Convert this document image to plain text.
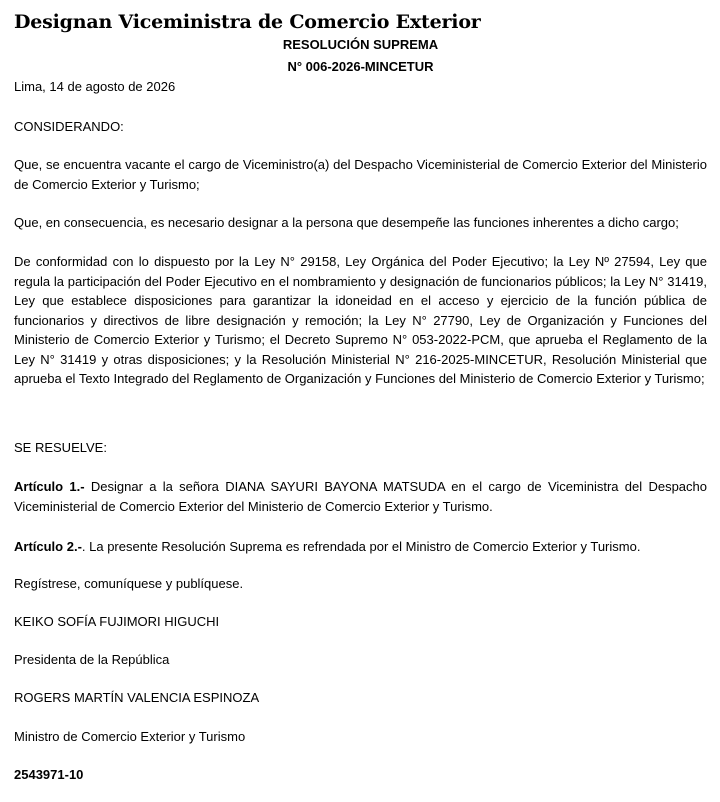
Designan Viceministra de Comercio Exterior

RESOLUCIÓN SUPREMA

N° 006-2026-MINCETUR

Lima, 14 de agosto de 2026

CONSIDERANDO:

Que, se encuentra vacante el cargo de Viceministro(a) del Despacho Viceministerial de Comercio Exterior del Ministerio de Comercio Exterior y Turismo;

Que, en consecuencia, es necesario designar a la persona que desempeñe las funciones inherentes a dicho cargo;

De conformidad con lo dispuesto por la Ley N° 29158, Ley Orgánica del Poder Ejecutivo; la Ley Nº 27594, Ley que regula la participación del Poder Ejecutivo en el nombramiento y designación de funcionarios públicos; la Ley N° 31419, Ley que establece disposiciones para garantizar la idoneidad en el acceso y ejercicio de la función pública de funcionarios y directivos de libre designación y remoción; la Ley N° 27790, Ley de Organización y Funciones del Ministerio de Comercio Exterior y Turismo; el Decreto Supremo N° 053-2022-PCM, que aprueba el Reglamento de la Ley N° 31419 y otras disposiciones; y la Resolución Ministerial N° 216-2025-MINCETUR, Resolución Ministerial que aprueba el Texto Integrado del Reglamento de Organización y Funciones del Ministerio de Comercio Exterior y Turismo;

SE RESUELVE:

Artículo 1.- Designar a la señora DIANA SAYURI BAYONA MATSUDA en el cargo de Viceministra del Despacho Viceministerial de Comercio Exterior del Ministerio de Comercio Exterior y Turismo.

Artículo 2.-. La presente Resolución Suprema es refrendada por el Ministro de Comercio Exterior y Turismo.

Regístrese, comuníquese y publíquese.

KEIKO SOFÍA FUJIMORI HIGUCHI

Presidenta de la República

ROGERS MARTÍN VALENCIA ESPINOZA

Ministro de Comercio Exterior y Turismo

2543971-10
